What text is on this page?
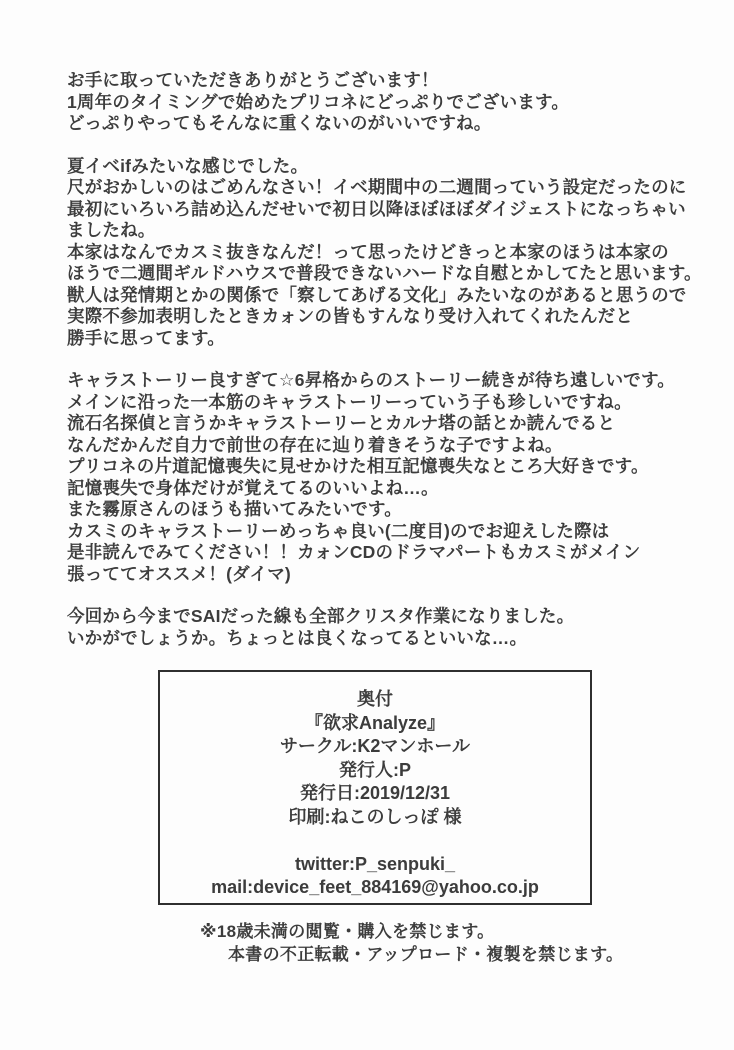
お手に取っていただきありがとうございます！
1周年のタイミングで始めたプリコネにどっぷりでございます。
どっぷりやってもそんなに重くないのがいいですね。
夏イベifみたいな感じでした。
尺がおかしいのはごめんなさい！イベ期間中の二週間っていう設定だったのに
最初にいろいろ詰め込んだせいで初日以降ほぼほぼダイジェストになっちゃい
ましたね。
本家はなんでカスミ抜きなんだ！って思ったけどきっと本家のほうは本家の
ほうで二週間ギルドハウスで普段できないハードな自慰とかしてたと思います。
獣人は発情期とかの関係で「察してあげる文化」みたいなのがあると思うので
実際不参加表明したときカォンの皆もすんなり受け入れてくれたんだと
勝手に思ってます。
キャラストーリー良すぎて☆6昇格からのストーリー続きが待ち遠しいです。
メインに沿った一本筋のキャラストーリーっていう子も珍しいですね。
流石名探偵と言うかキャラストーリーとカルナ塔の話とか読んでると
なんだかんだ自力で前世の存在に辿り着きそうな子ですよね。
プリコネの片道記憶喪失に見せかけた相互記憶喪失なところ大好きです。
記憶喪失で身体だけが覚えてるのいいよね…。
また霧原さんのほうも描いてみたいです。
カスミのキャラストーリーめっちゃ良い(二度目)のでお迎えした際は
是非読んでみてください！！カォンCDのドラマパートもカスミがメイン
張っててオススメ！(ダイマ)
今回から今までSAIだった線も全部クリスタ作業になりました。
いかがでしょうか。ちょっとは良くなってるといいな…。
奥付
『欲求Analyze』
サークル:K2マンホール
発行人:P
発行日:2019/12/31
印刷:ねこのしっぽ 様
twitter:P_senpuki_
mail:device_feet_884169@yahoo.co.jp
※18歳未満の閲覧・購入を禁じます。
本書の不正転載・アップロード・複製を禁じます。
